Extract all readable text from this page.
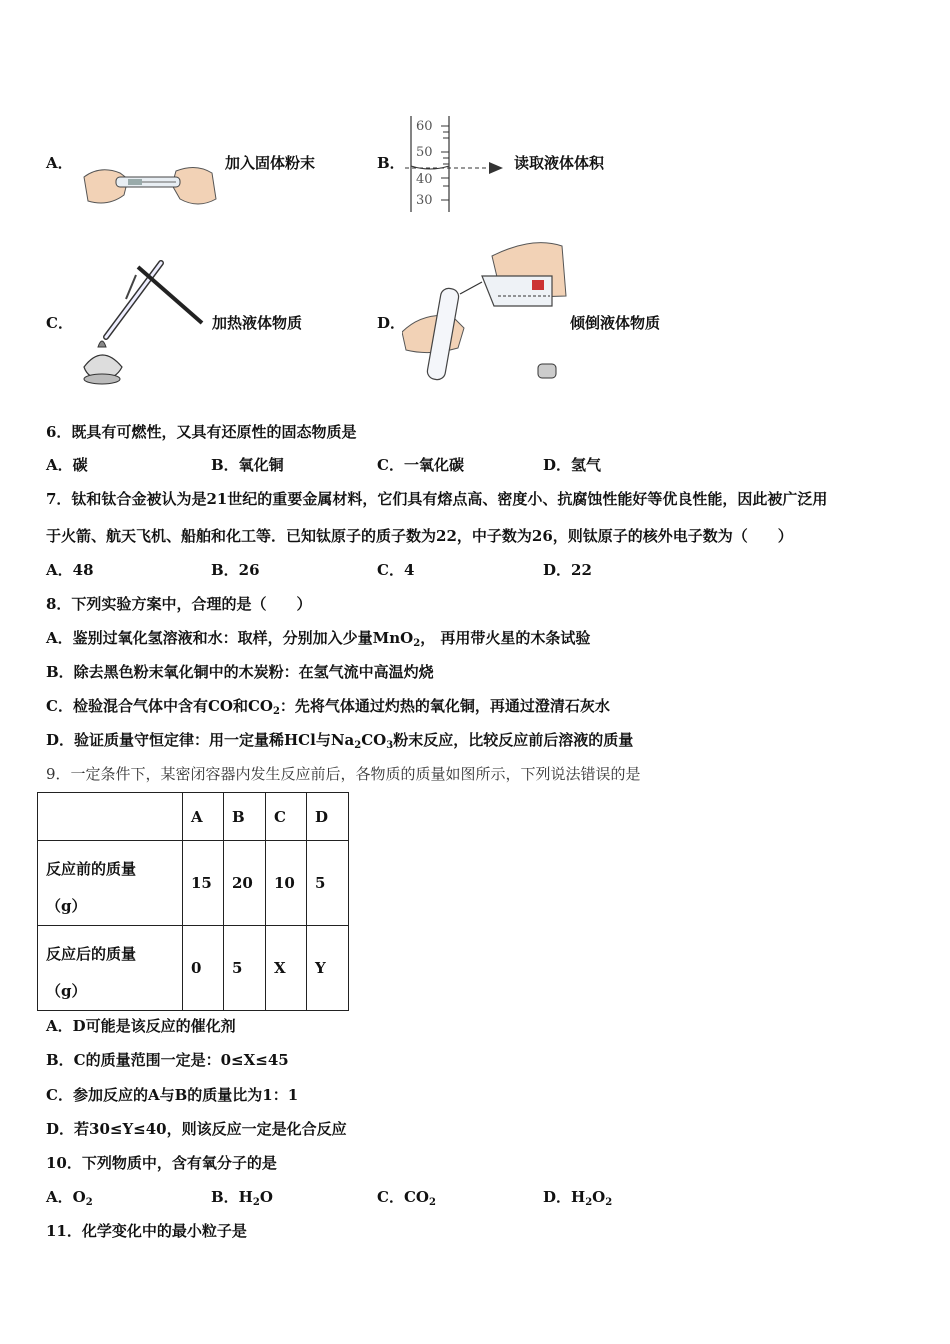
A．	加入固体粉末	B．
60
50
40
30
读取液体体积
C．	加热液体物质	D．	倾倒液体物质
6．既具有可燃性，又具有还原性的固态物质是
A．碳	B．氧化铜	C．一氧化碳	D．氢气
7．钛和钛合金被认为是21世纪的重要金属材料，它们具有熔点高、密度小、抗腐蚀性能好等优良性能，因此被广泛用
于火箭、航天飞机、船舶和化工等．已知钛原子的质子数为22，中子数为26，则钛原子的核外电子数为（　　）
A．48	B．26	C．4	D．22
8．下列实验方案中，合理的是（　　）
A．鉴别过氧化氢溶液和水：取样，分别加入少量MnO$_2$， 再用带火星的木条试验
B．除去黑色粉末氧化铜中的木炭粉：在氢气流中高温灼烧
C．检验混合气体中含有CO和$CO_2$：先将气体通过灼热的氧化铜，再通过澄清石灰水
D．验证质量守恒定律：用一定量稀HCl与$Na_2CO_3$粉末反应，比较反应前后溶液的质量
9．一定条件下，某密闭容器内发生反应前后，各物质的质量如图所示，下列说法错误的是
	A	B	C	D

反应前的质量
（g）	15	20	10	5

反应后的质量
（g）	0	5	X	Y
A．D可能是该反应的催化剂
B．C的质量范围一定是：0≤X≤45
C．参加反应的A与B的质量比为1：1
D．若30≤Y≤40，则该反应一定是化合反应
10．下列物质中，含有氧分子的是
A．$O_2$	B．$H_2O$	C．$CO_2$	D．$H_2O_2$
11．化学变化中的最小粒子是
